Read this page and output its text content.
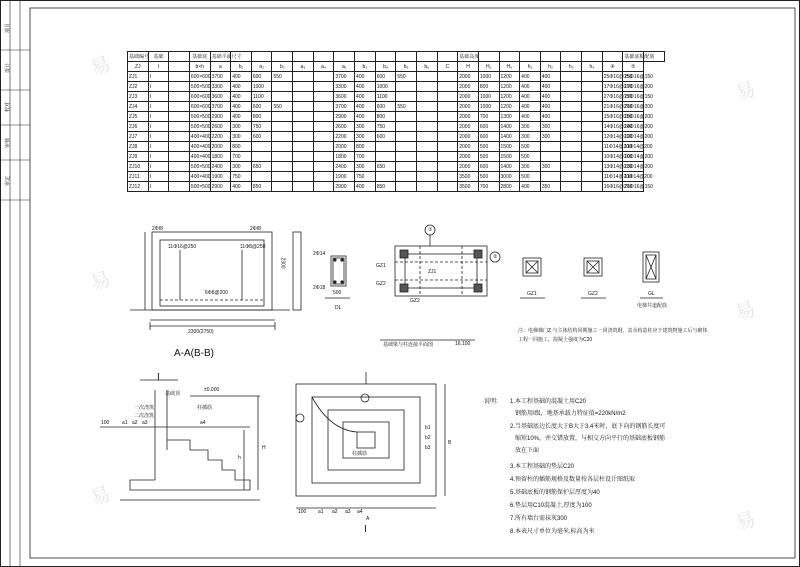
项目
设计
校对
审核
审定
易
易
易
易
易
易
基础编号	基础		基础底	基础平面尺寸												基础高度								基础底板配筋	
ZJ	I		b×h	a	b₁	a₂	b₂	a₃	a₄	a₁	b₃	b₄	b₅	b₆	C	H	H₁	H₀	h₁	h₂	h₃	h₄	④	⑤	
ZJ1	I		600×600	3700	400	600	550			3700	400	600	550			2000	1000	1200	400	400			25Φ16@150	25Φ16@150	
ZJ2	I		500×500	3300	400	1000				3300	400	1000				2000	800	1200	400	400			17Φ16@200	17Φ16@200	
ZJ3	I		600×600	3600	400	1100				3600	400	1100				2000	1000	1200	400	400			27Φ16@150	27Φ16@150	
ZJ4	I		600×600	3700	400	600	550			3700	400	600	550			2000	1000	1200	400	400			21Φ16@200	21Φ16@200	
ZJ5	I		500×500	2900	400	800				2900	400	800				2000	700	1300	400	400			15Φ16@200	15Φ16@200	
ZJ6	I		500×500	2600	300	750				2600	300	750				2000	600	1400	300	300			14Φ16@200	14Φ16@200	
ZJ7	I		400×400	2200	300	600				2200	300	600				2000	600	1400	300	300			12Φ14@200	12Φ14@200	
ZJ8	I		400×400	2000	800					2000	800					2000	500	1500	500				11Φ14@200	11Φ14@200	
ZJ9	I		400×400	1800	700					1800	700					2000	500	1500	500				10Φ14@200	10Φ14@200	
ZJ10	I		500×500	2400	300	650				2400	300	650				2000	600	1400	300	300			13Φ14@200	13Φ14@200	
ZJ11	I		400×400	1900	750					1900	750					3500	500	3000	500				11Φ14@200	11Φ14@200	
ZJ12	I		500×500	2900	400	850				2900	400	850				3500	700	2800	400	350			16Φ16@200	21Φ16@150	
2ΦI8	2ΦI8
2300
2300(2750)
11Φ16@250
6Φ8@200
11Φ8@250
A-A(B-B)
2Φ14
2Φ18
500
DL
①
②
GZ1
ZJ1
GZ2
GZ2
16.100
基础梁与柱连接平面图
GZ1	GZ2	GL
电梯井道配筋
注：电梯梯门Z 与主体结构同期施工一同浇筑钢，其余构造柱应于建筑物施工后与砌体工程一同施工，混凝土强度为C20
±0.000
柱插筋
基础顶
一次浇筑
二次浇筑
100	a1 a2 a3	a4
h
H
I
100 a1 a2 a3 a4
A
B
b1
b2
b3
柱插筋
I
说明: 1.本工程基础的混凝土用C20
钢筋用Ⅰ级，地基承载力特征值=220kN/m2
2.当基础底边长度大于B大于3.4米时，底下向的钢筋长度可
缩短10%，并交错放置，与相交方向平行的基础底板钢筋
放在下面
3.本工程基础的垫层C20
4.预留柱的插筋规格及数量按各层柱设计图纸取
5.基础底板的钢筋保护层厚度为40
6.垫层用C10混凝土,厚度为100
7.所有墙台需抹灰300
8.本表尺寸单位为毫米,标高为米
